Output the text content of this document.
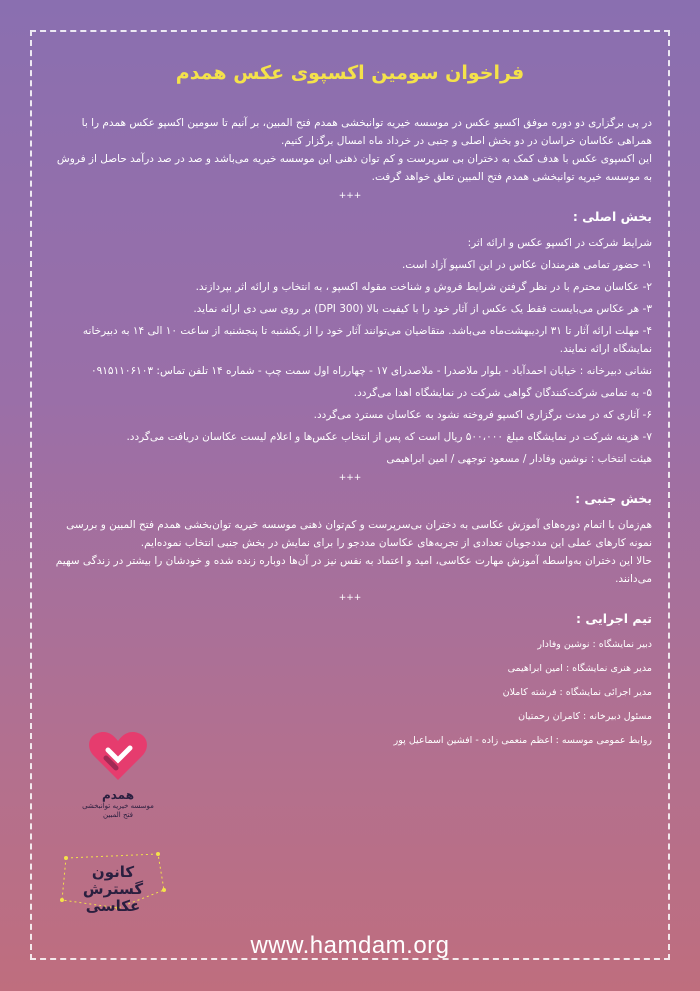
فراخوان سومین اکسپوی عکس همدم

در پی برگزاری دو دوره موفق اکسپو عکس در موسسه خیریه توانبخشی همدم فتح المبین، بر آنیم تا سومین اکسپو عکس همدم را با همراهی عکاسان خراسان در دو بخش اصلی و جنبی در خرداد ماه امسال برگزار کنیم.

این اکسپوی عکس با هدف کمک به دختران بی سرپرست و کم توان ذهنی این موسسه خیریه می‌باشد و صد در صد درآمد حاصل از فروش به موسسه خیریه توانبخشی همدم فتح المبین تعلق خواهد گرفت.

+++
بخش اصلی :

شرایط شرکت در اکسپو عکس و ارائه اثر:

۱- حضور تمامی هنرمندان عکاس در این اکسپو آزاد است.

۲- عکاسان محترم با در نظر گرفتن شرایط فروش و شناخت مقوله اکسپو ، به انتخاب و ارائه اثر بپردازند.

۳- هر عکاس می‌بایست فقط یک عکس از آثار خود را با کیفیت بالا (DPI 300) بر روی سی دی ارائه نماید.

۴- مهلت ارائه آثار تا ۳۱ اردیبهشت‌ماه می‌باشد. متقاضیان می‌توانند آثار خود را از یکشنبه تا پنجشنبه از ساعت ۱۰ الی ۱۴ به دبیرخانه نمایشگاه ارائه نمایند.

نشانی دبیرخانه : خیابان احمدآباد - بلوار ملاصدرا - ملاصدرای ۱۷ - چهارراه اول سمت چپ - شماره ۱۴ تلفن تماس: ۰۹۱۵۱۱۰۶۱۰۳

۵- به تمامی شرکت‌کنندگان گواهی شرکت در نمایشگاه اهدا می‌گردد.

۶- آثاری که در مدت برگزاری اکسپو فروخته نشود به عکاسان مسترد می‌گردد.

۷- هزینه شرکت در نمایشگاه مبلغ ۵۰۰،۰۰۰ ریال است که پس از انتخاب عکس‌ها و اعلام لیست عکاسان دریافت می‌گردد.

هیئت انتخاب : نوشین وفادار / مسعود توجهی / امین ابراهیمی

+++
بخش جنبی :

هم‌زمان با اتمام دوره‌های آموزش عکاسی به دختران بی‌سرپرست و کم‌توان ذهنی موسسه خیریه توان‌بخشی همدم فتح المبین و بررسی نمونه کارهای عملی این مددجویان تعدادی از تجربه‌های عکاسان مددجو را برای نمایش در بخش جنبی انتخاب نموده‌ایم.

حالا این دختران به‌واسطه آموزش مهارت عکاسی، امید و اعتماد به نفس نیز در آن‌ها دوباره زنده شده و خودشان را بیشتر در زندگی سهیم می‌دانند.

+++
تیم اجرایی :

دبیر نمایشگاه : نوشین وفادار

مدیر هنری نمایشگاه : امین ابراهیمی

مدیر اجرائی نمایشگاه : فرشته کاملان

مسئول دبیرخانه : کامران رحمتیان

روابط عمومی موسسه : اعظم منعمی زاده - افشین اسماعیل پور

همدم
موسسه خیریه توانبخشی
فتح المبین
کانون گسترش عکاسی
www.hamdam.org
